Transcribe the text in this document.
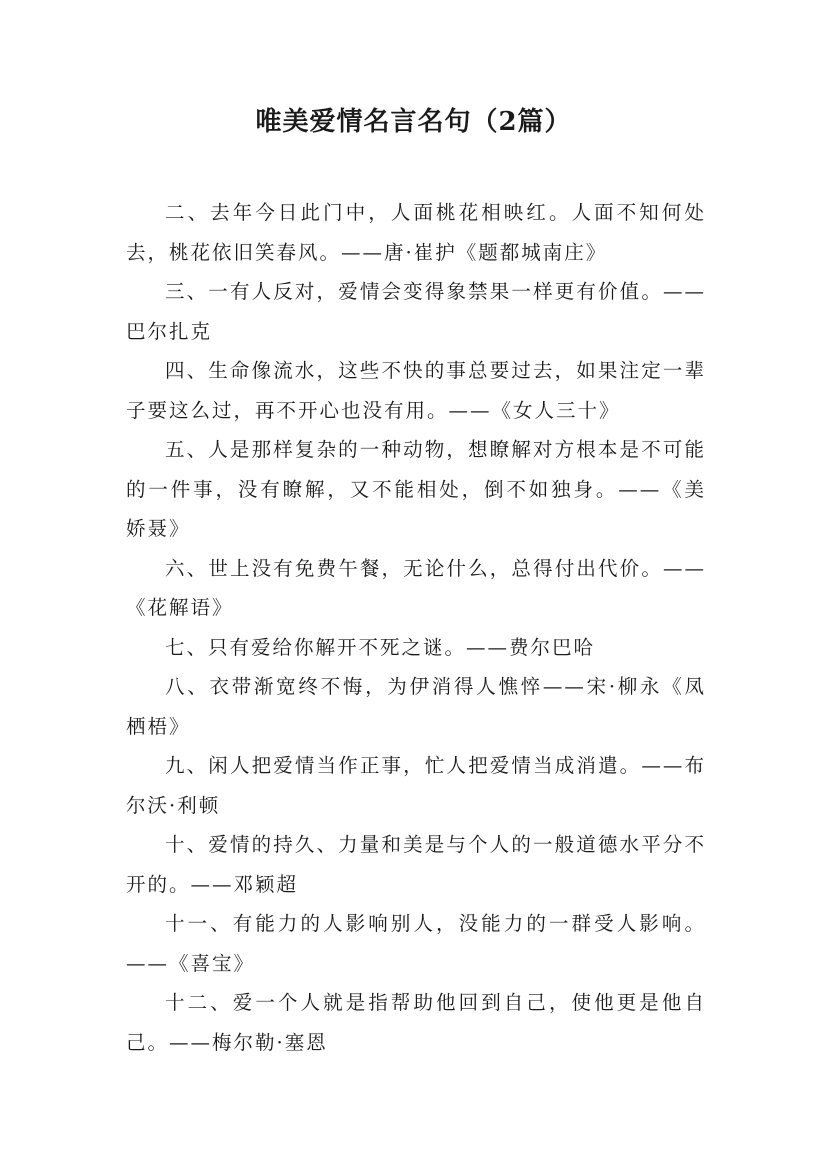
唯美爱情名言名句（2篇）

二、去年今日此门中，人面桃花相映红。人面不知何处去，桃花依旧笑春风。——唐·崔护《题都城南庄》

三、一有人反对，爱情会变得象禁果一样更有价值。——巴尔扎克

四、生命像流水，这些不快的事总要过去，如果注定一辈子要这么过，再不开心也没有用。——《女人三十》

五、人是那样复杂的一种动物，想瞭解对方根本是不可能的一件事，没有瞭解，又不能相处，倒不如独身。——《美娇聂》

六、世上没有免费午餐，无论什么，总得付出代价。——《花解语》

七、只有爱给你解开不死之谜。——费尔巴哈

八、衣带渐宽终不悔，为伊消得人憔悴——宋·柳永《凤栖梧》

九、闲人把爱情当作正事，忙人把爱情当成消遣。——布尔沃·利顿

十、爱情的持久、力量和美是与个人的一般道德水平分不开的。——邓颖超

十一、有能力的人影响别人，没能力的一群受人影响。——《喜宝》

十二、爱一个人就是指帮助他回到自己，使他更是他自己。——梅尔勒·塞恩
